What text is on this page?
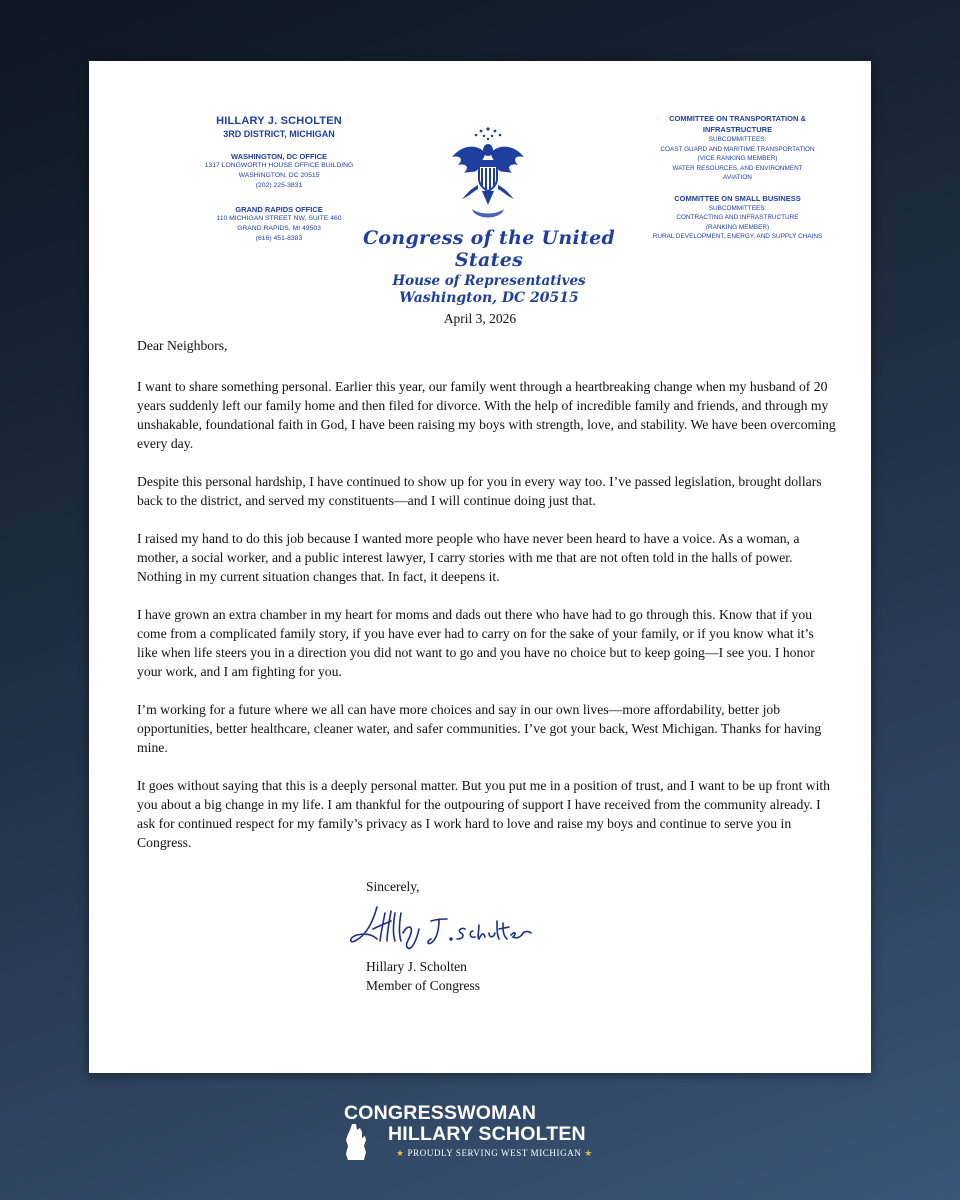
HILLARY J. SCHOLTEN
3RD DISTRICT, MICHIGAN
WASHINGTON, DC OFFICE
1317 LONGWORTH HOUSE OFFICE BUILDING
WASHINGTON, DC 20515
(202) 225-3831
GRAND RAPIDS OFFICE
110 MICHIGAN STREET NW, SUITE 460
GRAND RAPIDS, MI 49503
(616) 451-8383	Congress of the United States
House of Representatives
Washington, DC 20515
COMMITTEE ON TRANSPORTATION &
INFRASTRUCTURE
SUBCOMMITTEES:
COAST GUARD AND MARITIME TRANSPORTATION
(VICE RANKING MEMBER)
WATER RESOURCES, AND ENVIRONMENT
AVIATION
COMMITTEE ON SMALL BUSINESS
SUBCOMMITTEES:
CONTRACTING AND INFRASTRUCTURE
(RANKING MEMBER)
RURAL DEVELOPMENT, ENERGY, AND SUPPLY CHAINS
April 3, 2026

Dear Neighbors,

I want to share something personal. Earlier this year, our family went through a heartbreaking change when my husband of 20 years suddenly left our family home and then filed for divorce. With the help of incredible family and friends, and through my unshakable, foundational faith in God, I have been raising my boys with strength, love, and stability. We have been overcoming every day.

Despite this personal hardship, I have continued to show up for you in every way too. I’ve passed legislation, brought dollars back to the district, and served my constituents—and I will continue doing just that.

I raised my hand to do this job because I wanted more people who have never been heard to have a voice. As a woman, a mother, a social worker, and a public interest lawyer, I carry stories with me that are not often told in the halls of power. Nothing in my current situation changes that. In fact, it deepens it.

I have grown an extra chamber in my heart for moms and dads out there who have had to go through this. Know that if you come from a complicated family story, if you have ever had to carry on for the sake of your family, or if you know what it’s like when life steers you in a direction you did not want to go and you have no choice but to keep going—I see you. I honor your work, and I am fighting for you.

I’m working for a future where we all can have more choices and say in our own lives—more affordability, better job opportunities, better healthcare, cleaner water, and safer communities. I’ve got your back, West Michigan. Thanks for having mine.

It goes without saying that this is a deeply personal matter. But you put me in a position of trust, and I want to be up front with you about a big change in my life. I am thankful for the outpouring of support I have received from the community already. I ask for continued respect for my family’s privacy as I work hard to love and raise my boys and continue to serve you in Congress.

Sincerely,
Hillary J. Scholten
Member of Congress
CONGRESSWOMAN
HILLARY SCHOLTEN
★ PROUDLY SERVING WEST MICHIGAN ★
